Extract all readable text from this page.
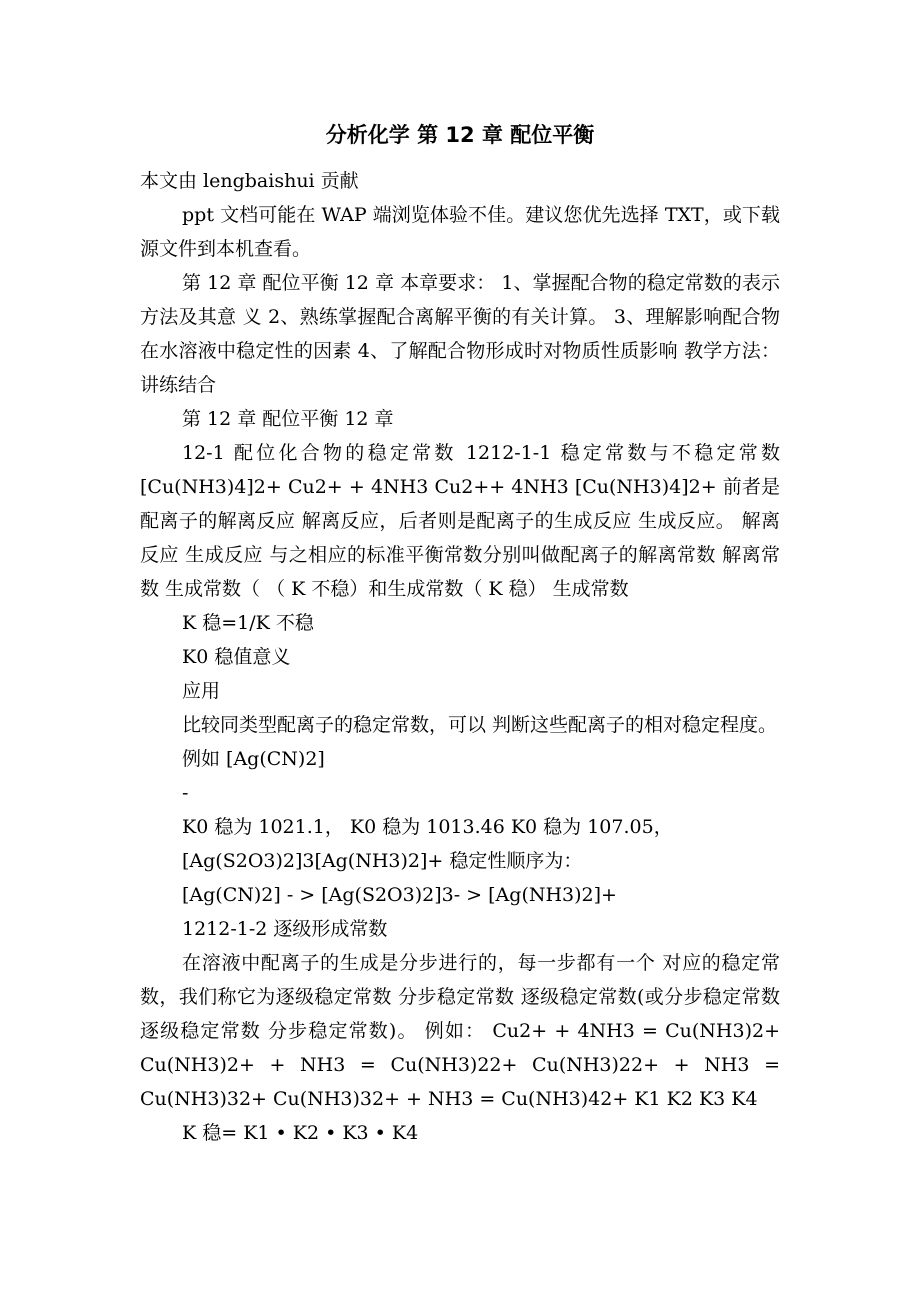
分析化学 第 12 章 配位平衡

本文由 lengbaishui 贡献

ppt 文档可能在 WAP 端浏览体验不佳。建议您优先选择 TXT，或下载源文件到本机查看。

第 12 章 配位平衡 12 章 本章要求： 1、掌握配合物的稳定常数的表示方法及其意 义 2、熟练掌握配合离解平衡的有关计算。 3、理解影响配合物在水溶液中稳定性的因素 4、了解配合物形成时对物质性质影响 教学方法：讲练结合

第 12 章 配位平衡 12 章

12-1 配位化合物的稳定常数 1212-1-1 稳定常数与不稳定常数 [Cu(NH3)4]2+ Cu2+ + 4NH3 Cu2++ 4NH3 [Cu(NH3)4]2+ 前者是配离子的解离反应 解离反应，后者则是配离子的生成反应 生成反应。 解离反应 生成反应 与之相应的标准平衡常数分别叫做配离子的解离常数 解离常数 生成常数（ （ K 不稳）和生成常数（ K 稳） 生成常数

K 稳=1/K 不稳

K0 稳值意义

应用

比较同类型配离子的稳定常数，可以 判断这些配离子的相对稳定程度。

例如 [Ag(CN)2]

-

K0 稳为 1021.1， K0 稳为 1013.46 K0 稳为 107.05，

[Ag(S2O3)2]3[Ag(NH3)2]+ 稳定性顺序为：

[Ag(CN)2] - > [Ag(S2O3)2]3- > [Ag(NH3)2]+

1212-1-2 逐级形成常数

在溶液中配离子的生成是分步进行的，每一步都有一个 对应的稳定常数，我们称它为逐级稳定常数 分步稳定常数 逐级稳定常数(或分步稳定常数 逐级稳定常数 分步稳定常数)。 例如： Cu2+ + 4NH3 = Cu(NH3)2+ Cu(NH3)2+ + NH3 = Cu(NH3)22+ Cu(NH3)22+ + NH3 = Cu(NH3)32+ Cu(NH3)32+ + NH3 = Cu(NH3)42+ K1 K2 K3 K4

K 稳= K1 • K2 • K3 • K4
